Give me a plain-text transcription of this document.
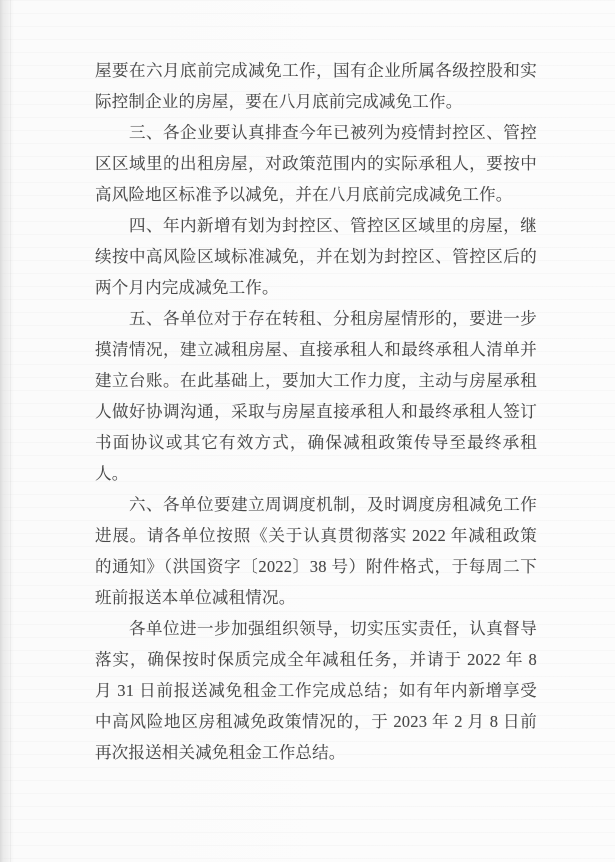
屋要在六月底前完成减免工作，国有企业所属各级控股和实
际控制企业的房屋，要在八月底前完成减免工作。
三、各企业要认真排查今年已被列为疫情封控区、管控
区区域里的出租房屋，对政策范围内的实际承租人，要按中
高风险地区标准予以减免，并在八月底前完成减免工作。
四、年内新增有划为封控区、管控区区域里的房屋，继
续按中高风险区域标准减免，并在划为封控区、管控区后的
两个月内完成减免工作。
五、各单位对于存在转租、分租房屋情形的，要进一步
摸清情况，建立减租房屋、直接承租人和最终承租人清单并
建立台账。在此基础上，要加大工作力度，主动与房屋承租
人做好协调沟通，采取与房屋直接承租人和最终承租人签订
书面协议或其它有效方式，确保减租政策传导至最终承租
人。
六、各单位要建立周调度机制，及时调度房租减免工作
进展。请各单位按照《关于认真贯彻落实 2022 年减租政策
的通知》（洪国资字〔2022〕38 号）附件格式，于每周二下
班前报送本单位减租情况。
各单位进一步加强组织领导，切实压实责任，认真督导
落实，确保按时保质完成全年减租任务，并请于 2022 年 8
月 31 日前报送减免租金工作完成总结；如有年内新增享受
中高风险地区房租减免政策情况的，于 2023 年 2 月 8 日前
再次报送相关减免租金工作总结。
